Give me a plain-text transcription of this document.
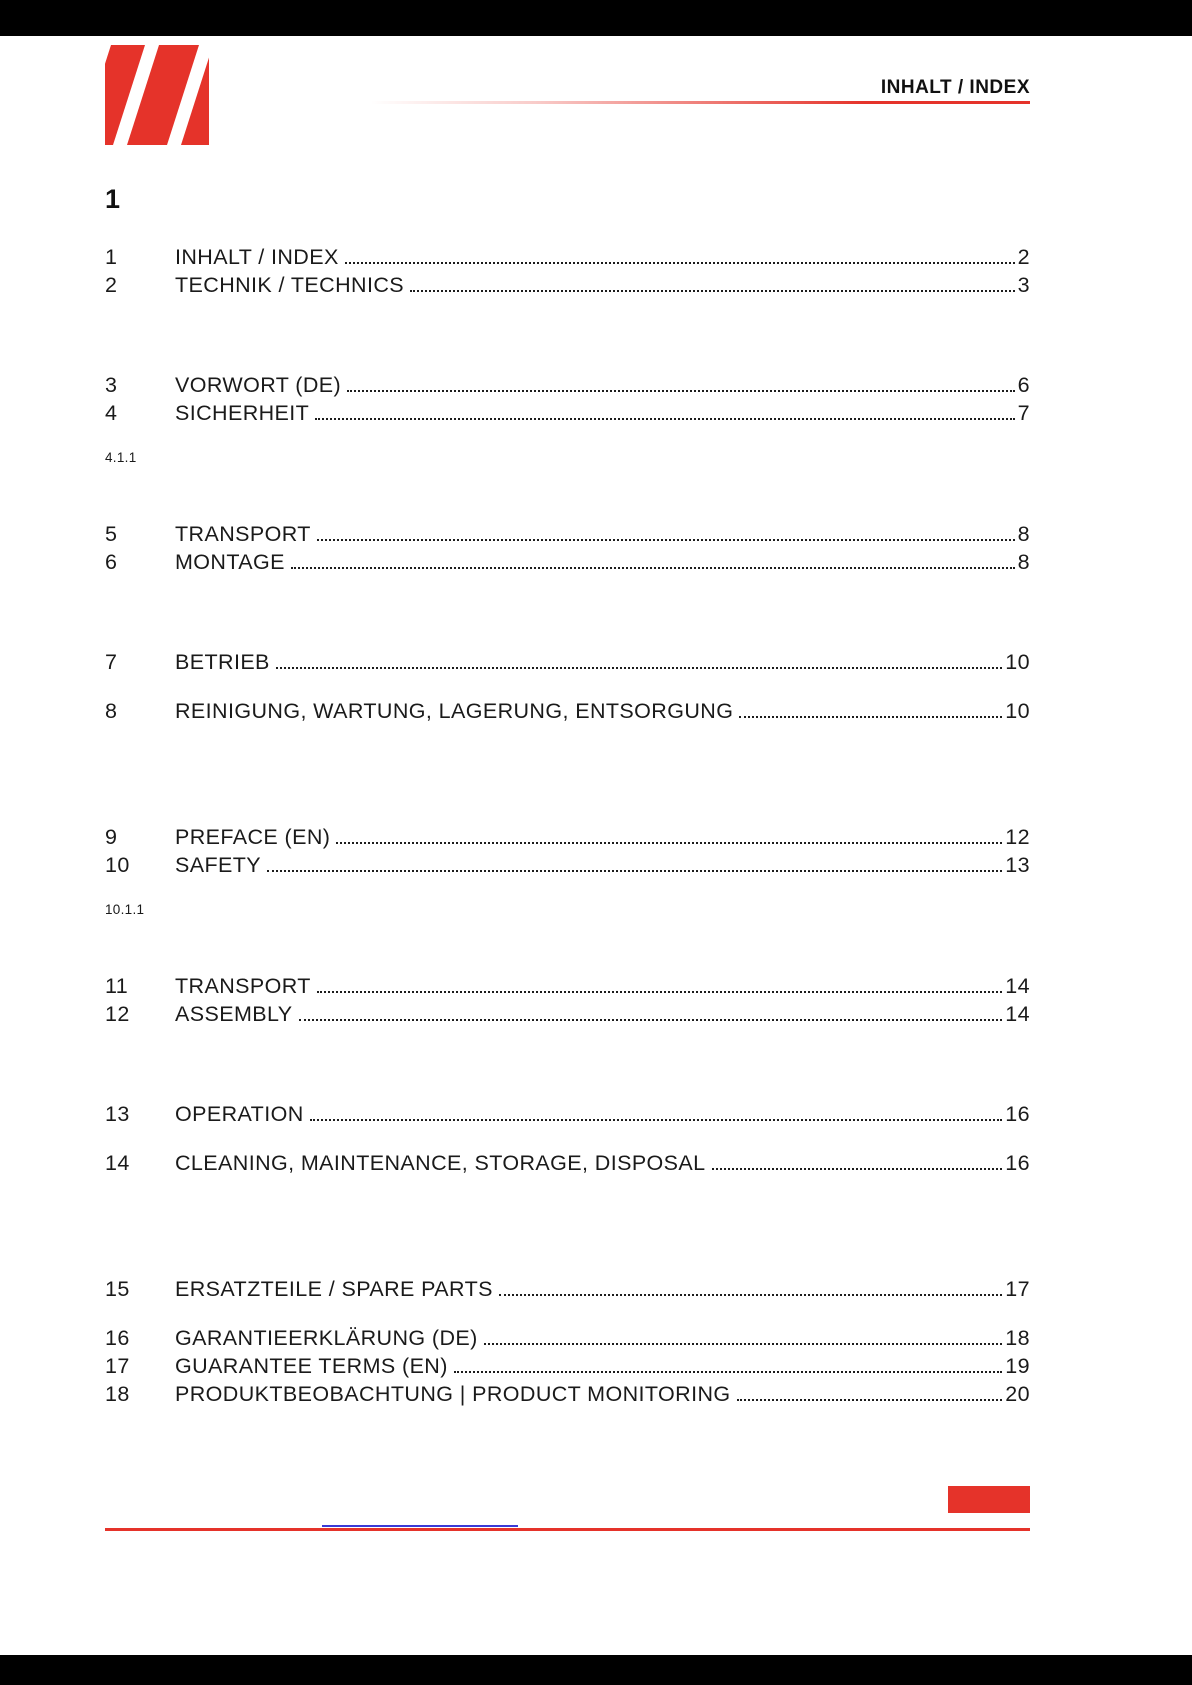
INHALT / INDEX
1
1	INHALT / INDEX	2
2	TECHNIK / TECHNICS	3
3	VORWORT (DE)	6
4	SICHERHEIT	7
4.1.1
5	TRANSPORT	8
6	MONTAGE	8
7	BETRIEB	10
8	REINIGUNG, WARTUNG, LAGERUNG, ENTSORGUNG	10
9	PREFACE (EN)	12
10	SAFETY	13
10.1.1
11	TRANSPORT	14
12	ASSEMBLY	14
13	OPERATION	16
14	CLEANING, MAINTENANCE, STORAGE, DISPOSAL	16
15	ERSATZTEILE / SPARE PARTS	17
16	GARANTIEERKLÄRUNG (DE)	18
17	GUARANTEE TERMS (EN)	19
18	PRODUKTBEOBACHTUNG | PRODUCT MONITORING	20
